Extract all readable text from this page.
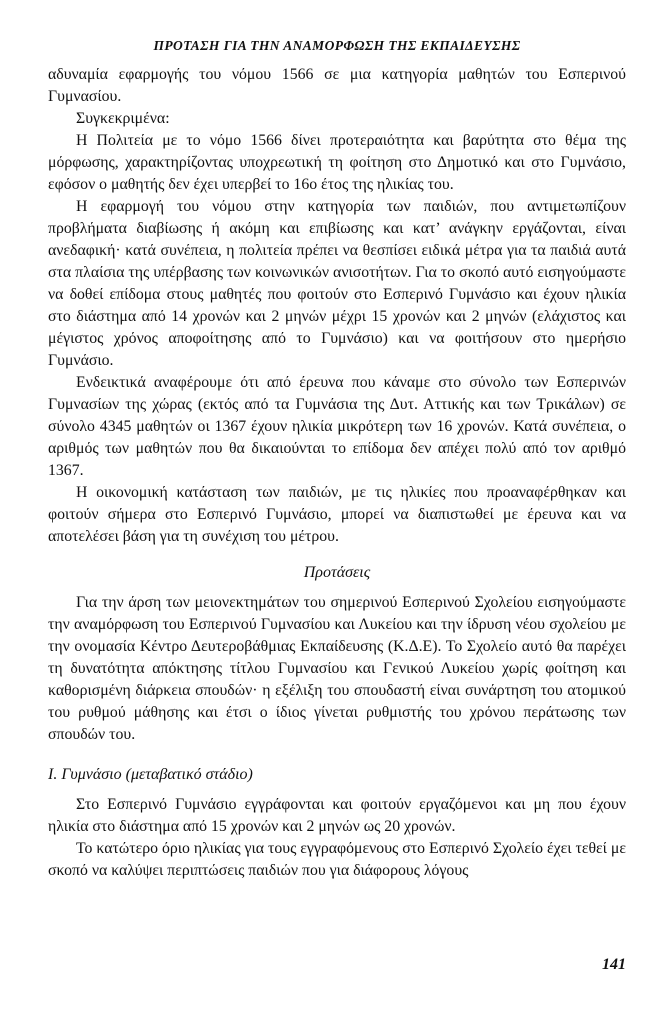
ΠΡΟΤΑΣΗ ΓΙΑ ΤΗΝ ΑΝΑΜΟΡΦΩΣΗ ΤΗΣ ΕΚΠΑΙΔΕΥΣΗΣ

αδυναμία εφαρμογής του νόμου 1566 σε μια κατηγορία μαθητών του Εσπερινού Γυμνασίου.

Συγκεκριμένα:

Η Πολιτεία με το νόμο 1566 δίνει προτεραιότητα και βαρύτητα στο θέμα της μόρφωσης, χαρακτηρίζοντας υποχρεωτική τη φοίτηση στο Δημοτικό και στο Γυμνάσιο, εφόσον ο μαθητής δεν έχει υπερβεί το 16ο έτος της ηλικίας του.

Η εφαρμογή του νόμου στην κατηγορία των παιδιών, που αντιμετωπίζουν προβλήματα διαβίωσης ή ακόμη και επιβίωσης και κατ’ ανάγκην εργάζονται, είναι ανεδαφική· κατά συνέπεια, η πολιτεία πρέπει να θεσπίσει ειδικά μέτρα για τα παιδιά αυτά στα πλαίσια της υπέρβασης των κοινωνικών ανισοτήτων. Για το σκοπό αυτό εισηγούμαστε να δοθεί επίδομα στους μαθητές που φοιτούν στο Εσπερινό Γυμνάσιο και έχουν ηλικία στο διάστημα από 14 χρονών και 2 μηνών μέχρι 15 χρονών και 2 μηνών (ελάχιστος και μέγιστος χρόνος αποφοίτησης από το Γυμνάσιο) και να φοιτήσουν στο ημερήσιο Γυμνάσιο.

Ενδεικτικά αναφέρουμε ότι από έρευνα που κάναμε στο σύνολο των Εσπερινών Γυμνασίων της χώρας (εκτός από τα Γυμνάσια της Δυτ. Αττικής και των Τρικάλων) σε σύνολο 4345 μαθητών οι 1367 έχουν ηλικία μικρότερη των 16 χρονών. Κατά συνέπεια, ο αριθμός των μαθητών που θα δικαιούνται το επίδομα δεν απέχει πολύ από τον αριθμό 1367.

Η οικονομική κατάσταση των παιδιών, με τις ηλικίες που προαναφέρθηκαν και φοιτούν σήμερα στο Εσπερινό Γυμνάσιο, μπορεί να διαπιστωθεί με έρευνα και να αποτελέσει βάση για τη συνέχιση του μέτρου.

Προτάσεις

Για την άρση των μειονεκτημάτων του σημερινού Εσπερινού Σχολείου εισηγούμαστε την αναμόρφωση του Εσπερινού Γυμνασίου και Λυκείου και την ίδρυση νέου σχολείου με την ονομασία Κέντρο Δευτεροβάθμιας Εκπαίδευσης (Κ.Δ.Ε). Το Σχολείο αυτό θα παρέχει τη δυνατότητα απόκτησης τίτλου Γυμνασίου και Γενικού Λυκείου χωρίς φοίτηση και καθορισμένη διάρκεια σπουδών· η εξέλιξη του σπουδαστή είναι συνάρτηση του ατομικού του ρυθμού μάθησης και έτσι ο ίδιος γίνεται ρυθμιστής του χρόνου περάτωσης των σπουδών του.

Ι. Γυμνάσιο (μεταβατικό στάδιο)

Στο Εσπερινό Γυμνάσιο εγγράφονται και φοιτούν εργαζόμενοι και μη που έχουν ηλικία στο διάστημα από 15 χρονών και 2 μηνών ως 20 χρονών.

Το κατώτερο όριο ηλικίας για τους εγγραφόμενους στο Εσπερινό Σχολείο έχει τεθεί με σκοπό να καλύψει περιπτώσεις παιδιών που για διάφορους λόγους

141
